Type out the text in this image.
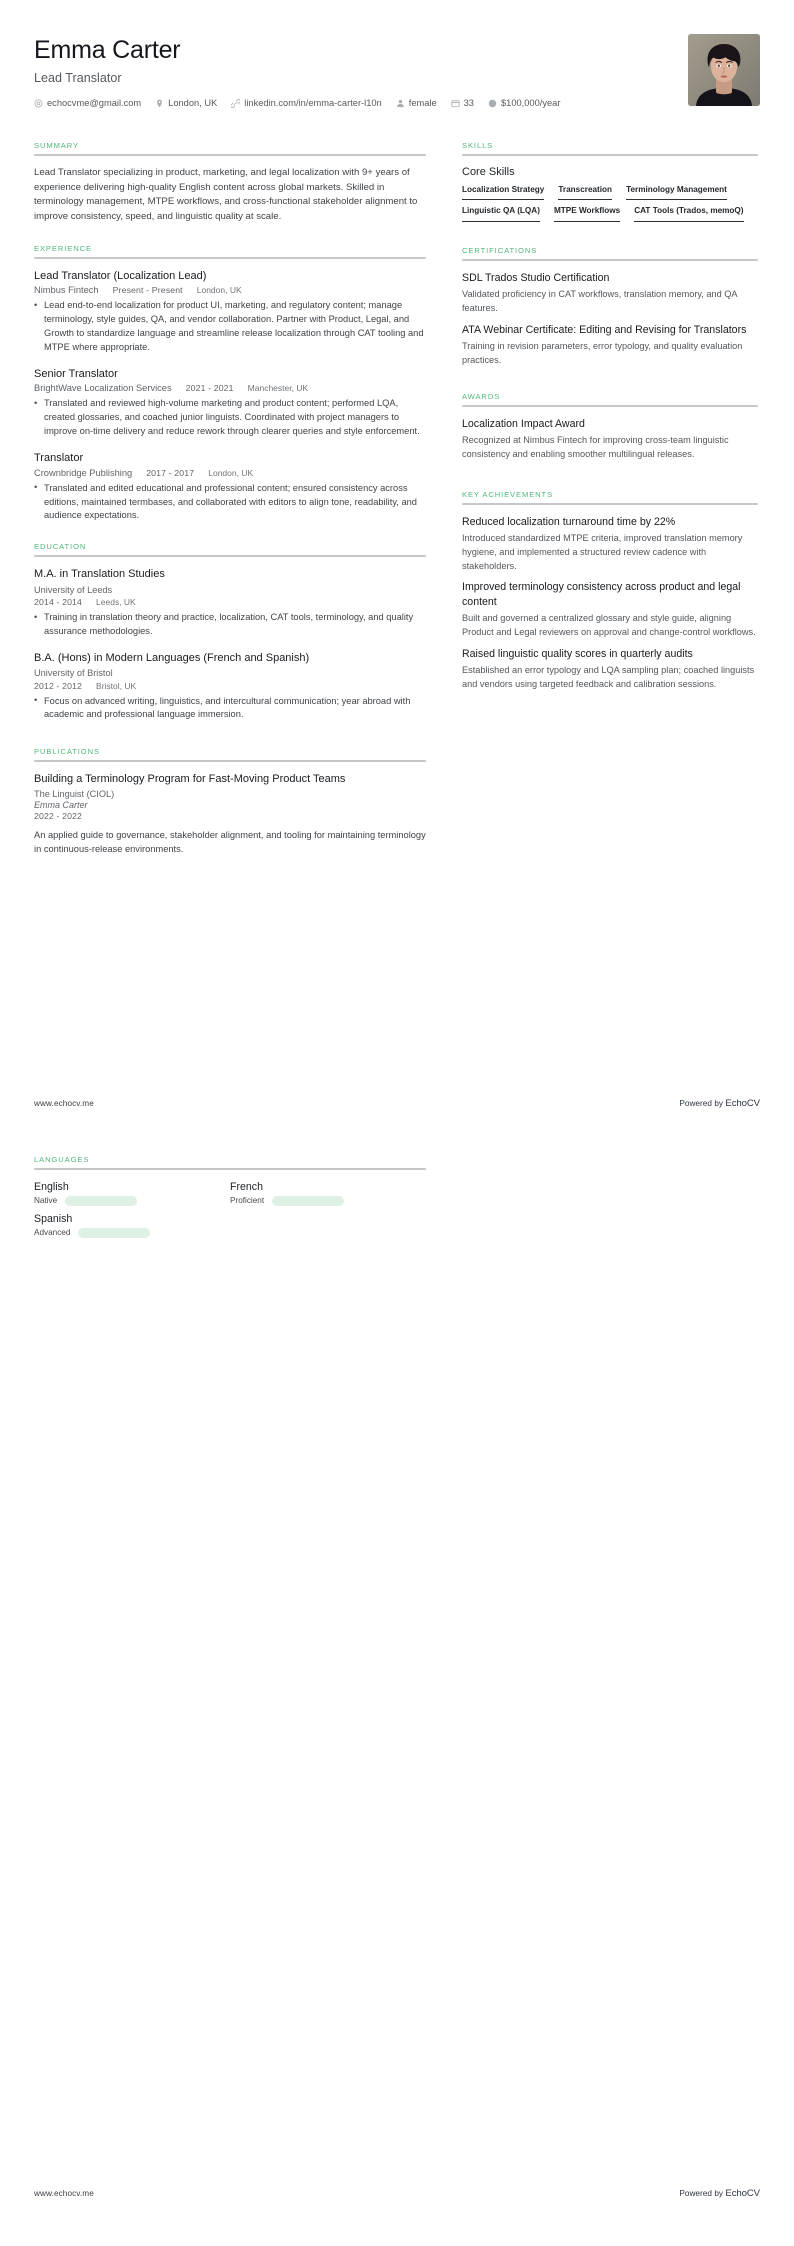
Emma Carter
Lead Translator
echocvme@gmail.com	London, UK	linkedin.com/in/emma-carter-l10n	female	33	$100,000/year
SUMMARY
Lead Translator specializing in product, marketing, and legal localization with 9+ years of experience delivering high-quality English content across global markets. Skilled in terminology management, MTPE workflows, and cross-functional stakeholder alignment to improve consistency, speed, and linguistic quality at scale.
EXPERIENCE
Lead Translator (Localization Lead)
Nimbus Fintech Present - Present London, UK
• Lead end-to-end localization for product UI, marketing, and regulatory content; manage terminology, style guides, QA, and vendor collaboration. Partner with Product, Legal, and Growth to standardize language and streamline release localization through CAT tooling and MTPE where appropriate.
Senior Translator
BrightWave Localization Services 2021 - 2021 Manchester, UK
• Translated and reviewed high-volume marketing and product content; performed LQA, created glossaries, and coached junior linguists. Coordinated with project managers to improve on-time delivery and reduce rework through clearer queries and style enforcement.
Translator
Crownbridge Publishing 2017 - 2017 London, UK
• Translated and edited educational and professional content; ensured consistency across editions, maintained termbases, and collaborated with editors to align tone, readability, and audience expectations.
EDUCATION
M.A. in Translation Studies
University of Leeds
2014 - 2014 Leeds, UK
• Training in translation theory and practice, localization, CAT tools, terminology, and quality assurance methodologies.
B.A. (Hons) in Modern Languages (French and Spanish)
University of Bristol
2012 - 2012 Bristol, UK
• Focus on advanced writing, linguistics, and intercultural communication; year abroad with academic and professional language immersion.
PUBLICATIONS
Building a Terminology Program for Fast-Moving Product Teams
The Linguist (CIOL)
Emma Carter
2022 - 2022
An applied guide to governance, stakeholder alignment, and tooling for maintaining terminology in continuous-release environments.
SKILLS
Core Skills
Localization Strategy Transcreation Terminology Management
Linguistic QA (LQA) MTPE Workflows CAT Tools (Trados, memoQ)
CERTIFICATIONS
SDL Trados Studio Certification
Validated proficiency in CAT workflows, translation memory, and QA features.
ATA Webinar Certificate: Editing and Revising for Translators
Training in revision parameters, error typology, and quality evaluation practices.
AWARDS
Localization Impact Award
Recognized at Nimbus Fintech for improving cross-team linguistic consistency and enabling smoother multilingual releases.
KEY ACHIEVEMENTS
Reduced localization turnaround time by 22%
Introduced standardized MTPE criteria, improved translation memory hygiene, and implemented a structured review cadence with stakeholders.
Improved terminology consistency across product and legal content
Built and governed a centralized glossary and style guide, aligning Product and Legal reviewers on approval and change-control workflows.
Raised linguistic quality scores in quarterly audits
Established an error typology and LQA sampling plan; coached linguists and vendors using targeted feedback and calibration sessions.
www.echocv.me	Powered by EchoCV
LANGUAGES
English
Native
French
Proficient
Spanish
Advanced
www.echocv.me	Powered by EchoCV
